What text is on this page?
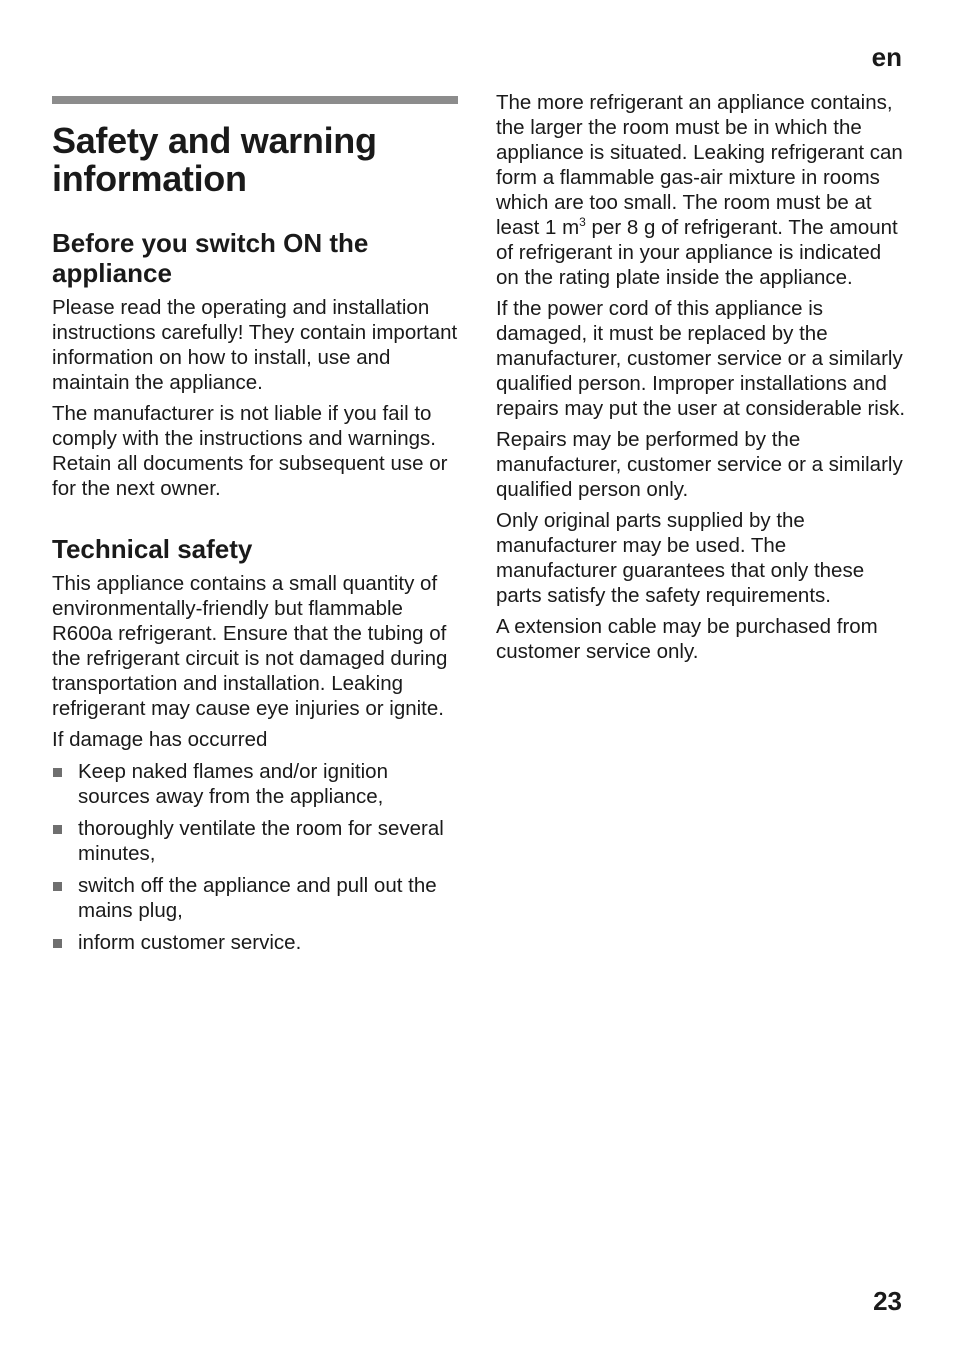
en
Safety and warning
information
Before you switch ON the
appliance

Please read the operating and installation instructions carefully! They contain important information on how to install, use and maintain the appliance.

The manufacturer is not liable if you fail to comply with the instructions and warnings. Retain all documents for subsequent use or for the next owner.

Technical safety

This appliance contains a small quantity of environmentally-friendly but flammable R600a refrigerant. Ensure that the tubing of the refrigerant circuit is not damaged during transportation and installation. Leaking refrigerant may cause eye injuries or ignite.

If damage has occurred

Keep naked flames and/or ignition sources away from the appliance,
thoroughly ventilate the room for several minutes,
switch off the appliance and pull out the mains plug,
inform customer service.

The more refrigerant an appliance contains, the larger the room must be in which the appliance is situated. Leaking refrigerant can form a flammable gas-air mixture in rooms which are too small. The room must be at least 1 $m^3$ per 8 g of refrigerant. The amount of refrigerant in your appliance is indicated on the rating plate inside the appliance.

If the power cord of this appliance is damaged, it must be replaced by the manufacturer, customer service or a similarly qualified person. Improper installations and repairs may put the user at considerable risk.

Repairs may be performed by the manufacturer, customer service or a similarly qualified person only.

Only original parts supplied by the manufacturer may be used. The manufacturer guarantees that only these parts satisfy the safety requirements.

A extension cable may be purchased from customer service only.

23
